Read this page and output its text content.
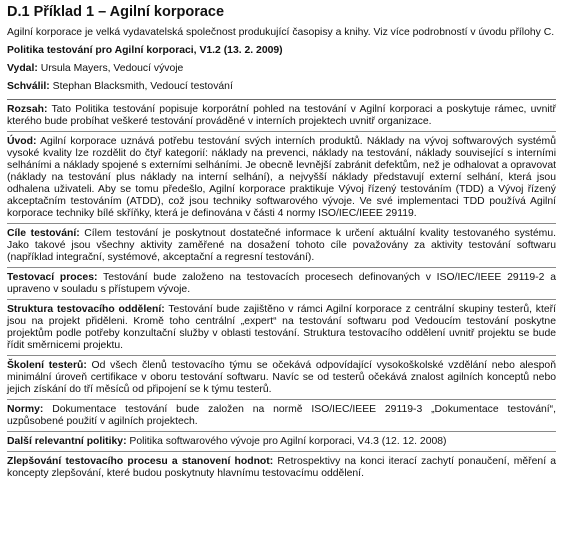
D.1 Příklad 1 – Agilní korporace
Agilní korporace je velká vydavatelská společnost produkující časopisy a knihy. Viz více podrobností v úvodu přílohy C.
Politika testování pro Agilní korporaci, V1.2 (13. 2. 2009)
Vydal: Ursula Mayers, Vedoucí vývoje
Schválil: Stephan Blacksmith, Vedoucí testování
Rozsah: Tato Politika testování popisuje korporátní pohled na testování v Agilní korporaci a poskytuje rámec, uvnitř kterého bude probíhat veškeré testování prováděné v interních projektech uvnitř organizace.
Úvod: Agilní korporace uznává potřebu testování svých interních produktů. Náklady na vývoj softwarových systémů vysoké kvality lze rozdělit do čtyř kategorií: náklady na prevenci, náklady na testování, náklady související s interními selháními a náklady spojené s externími selháními. Je obecně levnější zabránit defektům, než je odhalovat a opravovat (náklady na testování plus náklady na interní selhání), a nejvyšší náklady představují externí selhání, která jsou odhalena uživateli. Aby se tomu předešlo, Agilní korporace praktikuje Vývoj řízený testováním (TDD) a Vývoj řízený akceptačním testováním (ATDD), což jsou techniky softwarového vývoje. Ve své implementaci TDD používá Agilní korporace techniky bílé skříňky, která je definována v části 4 normy ISO/IEC/IEEE 29119.
Cíle testování: Cílem testování je poskytnout dostatečné informace k určení aktuální kvality testovaného systému. Jako takové jsou všechny aktivity zaměřené na dosažení tohoto cíle považovány za aktivity testování softwaru (například integrační, systémové, akceptační a regresní testování).
Testovací proces: Testování bude založeno na testovacích procesech definovaných v ISO/IEC/IEEE 29119-2 a upraveno v souladu s přístupem vývoje.
Struktura testovacího oddělení: Testování bude zajištěno v rámci Agilní korporace z centrální skupiny testerů, kteří jsou na projekt přiděleni. Kromě toho centrální „expert“ na testování softwaru pod Vedoucím testování poskytne projektům podle potřeby konzultační služby v oblasti testování. Struktura testovacího oddělení uvnitř projektu se bude řídit směrnicemi projektu.
Školení testerů: Od všech členů testovacího týmu se očekává odpovídající vysokoškolské vzdělání nebo alespoň minimální úroveň certifikace v oboru testování softwaru. Navíc se od testerů očekává znalost agilních konceptů nebo jejich získání do tří měsíců od připojení se k týmu testerů.
Normy: Dokumentace testování bude založen na normě ISO/IEC/IEEE 29119-3 „Dokumentace testování“, uzpůsobené použití v agilních projektech.
Další relevantní politiky: Politika softwarového vývoje pro Agilní korporaci, V4.3 (12. 12. 2008)
Zlepšování testovacího procesu a stanovení hodnot: Retrospektivy na konci iterací zachytí ponaučení, měření a koncepty zlepšování, které budou poskytnuty hlavnímu testovacímu oddělení.
